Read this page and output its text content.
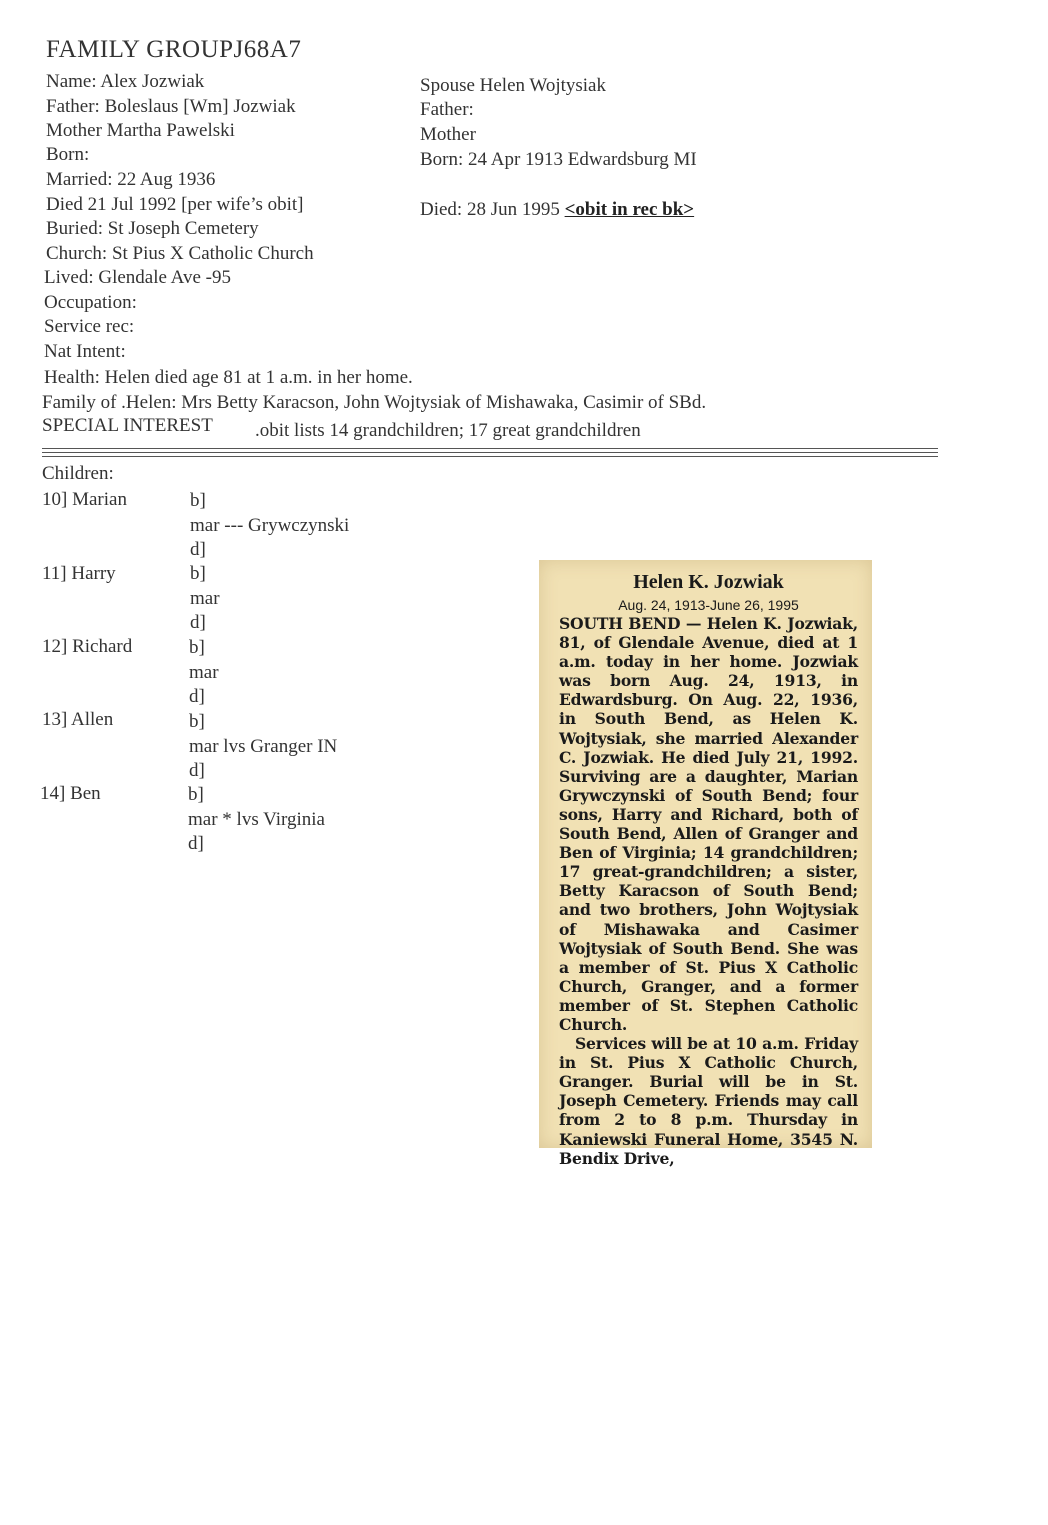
FAMILY GROUPJ68A7
Name: Alex Jozwiak
Father: Boleslaus [Wm] Jozwiak
Mother Martha Pawelski
Born:
Married: 22 Aug 1936
Died 21 Jul 1992 [per wife’s obit]
Buried: St Joseph Cemetery
Church: St Pius X Catholic Church
Lived: Glendale Ave -95
Occupation:
Service rec:
Nat Intent:
Spouse Helen Wojtysiak
Father:
Mother
Born: 24 Apr 1913 Edwardsburg MI
Died: 28 Jun 1995 <obit in rec bk>
Health: Helen died age 81 at 1 a.m. in her home.
Family of .Helen: Mrs Betty Karacson, John Wojtysiak of Mishawaka, Casimir of SBd.
SPECIAL INTEREST .obit lists 14 grandchildren; 17 great grandchildren
Children:
10] Marian	b]
mar --- Grywczynski
d]
11] Harry	b]
mar
d]
12] Richard	b]
mar
d]
13] Allen	b]
mar lvs Granger IN
d]
14] Ben	b]
mar * lvs Virginia
d]

Helen K. Jozwiak

Aug. 24, 1913-June 26, 1995

SOUTH BEND — Helen K. Jozwiak, 81, of Glendale Avenue, died at 1 a.m. today in her home. Jozwiak was born Aug. 24, 1913, in Edwardsburg. On Aug. 22, 1936, in South Bend, as Helen K. Wojtysiak, she married Alexander C. Jozwiak. He died July 21, 1992. Surviving are a daughter, Marian Grywczynski of South Bend; four sons, Harry and Richard, both of South Bend, Allen of Granger and Ben of Virginia; 14 grandchildren; 17 great-grandchildren; a sister, Betty Karacson of South Bend; and two brothers, John Wojtysiak of Mishawaka and Casimer Wojtysiak of South Bend. She was a member of St. Pius X Catholic Church, Granger, and a former member of St. Stephen Catholic Church.

Services will be at 10 a.m. Friday in St. Pius X Catholic Church, Granger. Burial will be in St. Joseph Cemetery. Friends may call from 2 to 8 p.m. Thursday in Kaniewski Funeral Home, 3545 N. Bendix Drive,
